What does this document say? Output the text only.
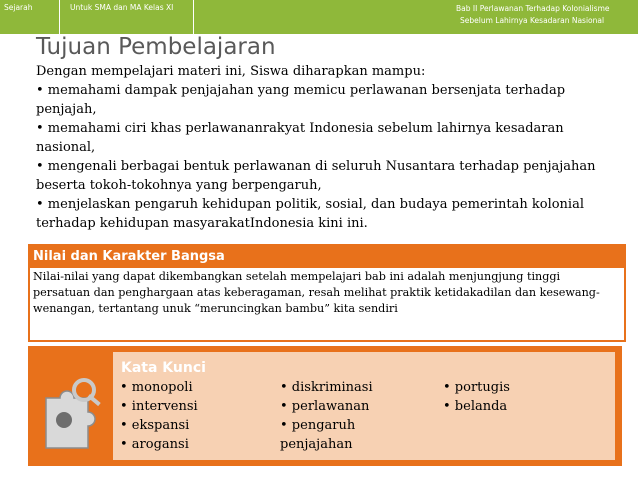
Sejarah	Untuk SMA dan MA Kelas XI	Bab II Perlawanan Terhadap Kolonialisme
Sebelum Lahirnya Kesadaran Nasional
Tujuan Pembelajaran

Dengan mempelajari materi ini, Siswa diharapkan mampu:

• memahami dampak penjajahan yang memicu perlawanan bersenjata terhadap penjajah,

• memahami ciri khas perlawananrakyat Indonesia sebelum lahirnya kesadaran nasional,

• mengenali berbagai bentuk perlawanan di seluruh Nusantara terhadap penjajahan beserta tokoh-tokohnya yang berpengaruh,

• menjelaskan pengaruh kehidupan politik, sosial, dan budaya pemerintah kolonial terhadap kehidupan masyarakatIndonesia kini ini.

Nilai dan Karakter Bangsa
Nilai-nilai yang dapat dikembangkan setelah mempelajari bab ini adalah menjungjung tinggi persatuan dan penghargaan atas keberagaman, resah melihat praktik ketidakadilan dan kesewang-wenangan, tertantang unuk “meruncingkan bambu” kita sendiri
Kata Kunci
• monopoli
• intervensi
• ekspansi
• arogansi
• diskriminasi
• perlawanan
• pengaruh
penjajahan
• portugis
• belanda
